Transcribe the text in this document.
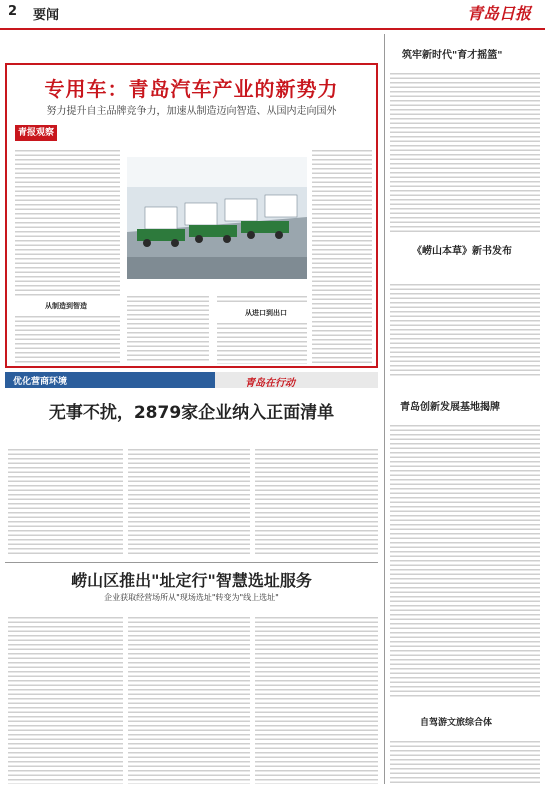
2 要闻	青岛日报
专用车：青岛汽车产业的新势力
努力提升自主品牌竞争力，加速从制造迈向智造、从国内走向国外
青报观察
从制造到智造
从进口到出口
筑牢新时代"育才摇篮"
《崂山本草》新书发布
青岛创新发展基地揭牌
自驾游文旅综合体
优化营商环境	青岛在行动
无事不扰，2879家企业纳入正面清单
崂山区推出"址定行"智慧选址服务
企业获取经营场所从"现场选址"转变为"线上选址"
